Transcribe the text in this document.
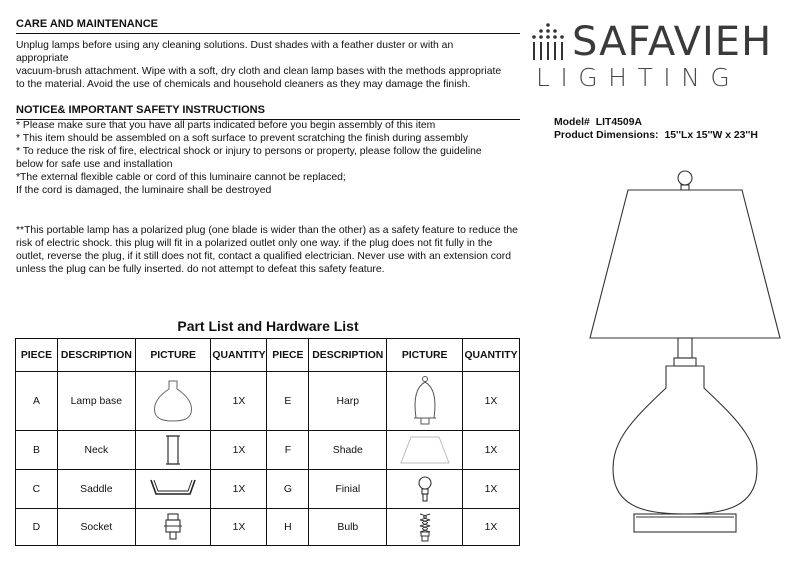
CARE AND MAINTENANCE
Unplug lamps before using any cleaning solutions. Dust shades with a feather duster or with an
appropriate
vacuum-brush attachment. Wipe with a soft, dry cloth and clean lamp bases with the methods appropriate
to the material. Avoid the use of chemicals and household cleaners as they may damage the finish.
NOTICE& IMPORTANT SAFETY INSTRUCTIONS
* Please make sure that you have all parts indicated before you begin assembly of this item
* This item should be assembled on a soft surface to prevent scratching the finish during assembly
* To reduce the risk of fire, electrical shock or injury to persons or property, please follow the guideline
below for safe use and installation
*The external flexible cable or cord of this luminaire cannot be replaced;
If the cord is damaged, the luminaire shall be destroyed
**This portable lamp has a polarized plug (one blade is wider than the other) as a safety feature to reduce the risk of electric shock. this plug will fit in a polarized outlet only one way. if the plug does not fit fully in the outlet, reverse the plug, if it still does not fit, contact a qualified electrician. Never use with an extension cord unless the plug can be fully inserted. do not attempt to defeat this safety feature.
SAFAVIEH
LIGHTING
Model# LIT4509A
Product Dimensions: 15''Lx 15''W x 23''H
Part List and Hardware List
PIECE	DESCRIPTION	PICTURE	QUANTITY	PIECE	DESCRIPTION	PICTURE	QUANTITY
A	Lamp base		1X	E	Harp		1X
B	Neck		1X	F	Shade		1X
C	Saddle		1X	G	Finial		1X
D	Socket		1X	H	Bulb		1X
